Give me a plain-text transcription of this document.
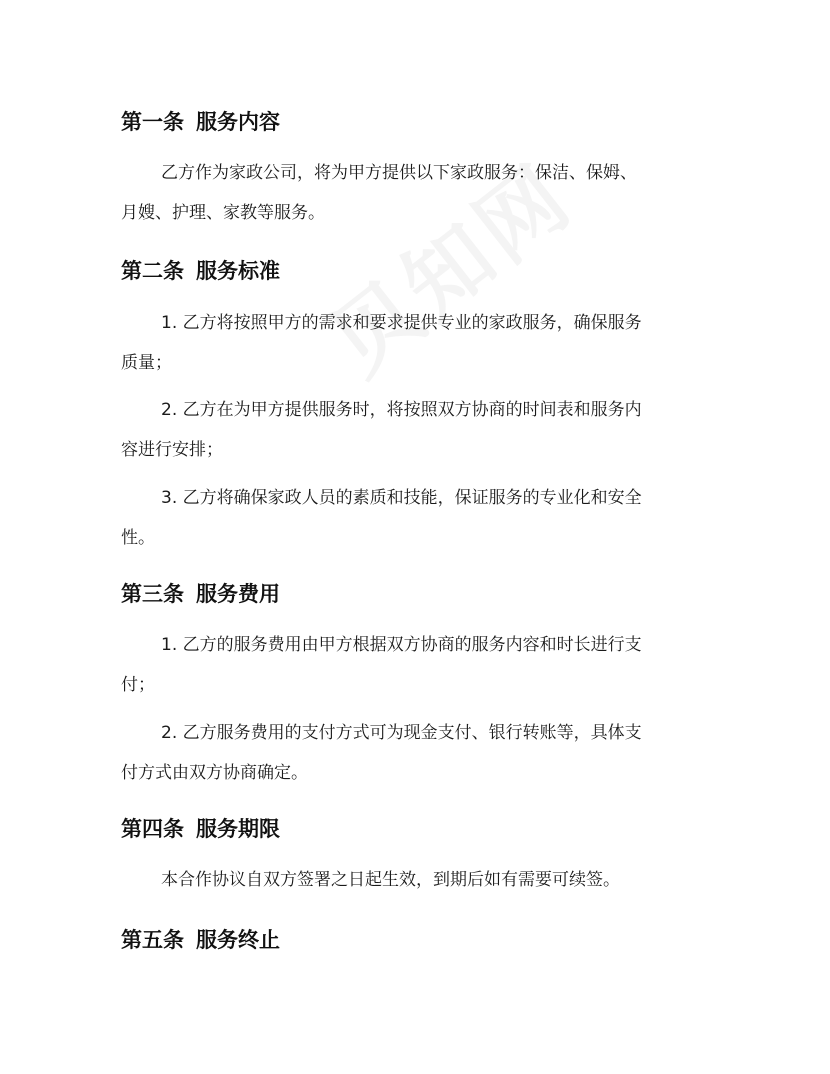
第一条 服务内容
乙方作为家政公司，将为甲方提供以下家政服务：保洁、保姆、
月嫂、护理、家教等服务。
第二条 服务标准
1. 乙方将按照甲方的需求和要求提供专业的家政服务，确保服务
质量；
2. 乙方在为甲方提供服务时，将按照双方协商的时间表和服务内
容进行安排；
3. 乙方将确保家政人员的素质和技能，保证服务的专业化和安全
性。
第三条 服务费用
1. 乙方的服务费用由甲方根据双方协商的服务内容和时长进行支
付；
2. 乙方服务费用的支付方式可为现金支付、银行转账等，具体支
付方式由双方协商确定。
第四条 服务期限
本合作协议自双方签署之日起生效，到期后如有需要可续签。
第五条 服务终止
